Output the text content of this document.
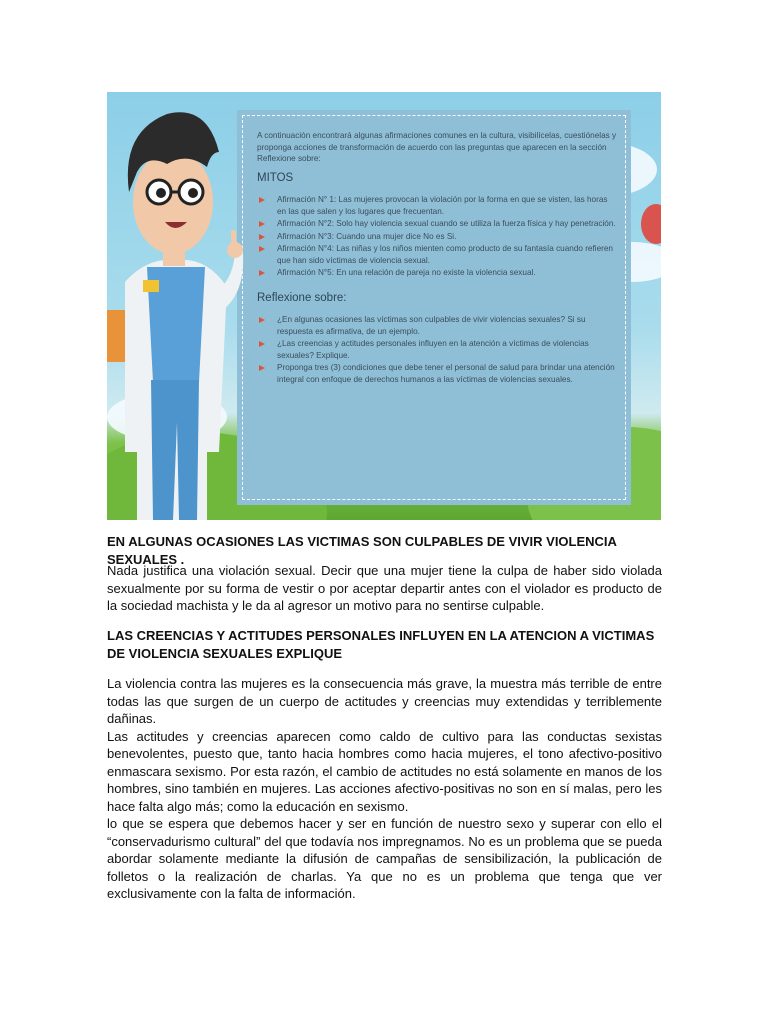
A continuación encontrará algunas afirmaciones comunes en la cultura, visibilícelas, cuestiónelas y proponga acciones de transformación de acuerdo con las preguntas que aparecen en la sección Reflexione sobre:

MITOS
Afirmación N° 1: Las mujeres provocan la violación por la forma en que se visten, las horas en las que salen y los lugares que frecuentan.
Afirmación N°2: Solo hay violencia sexual cuando se utiliza la fuerza física y hay penetración.
Afirmación N°3: Cuando una mujer dice No es Si.
Afirmación N°4: Las niñas y los niños mienten como producto de su fantasía cuando refieren que han sido víctimas de violencia sexual.
Afirmación N°5: En una relación de pareja no existe la violencia sexual.
Reflexione sobre:
¿En algunas ocasiones las víctimas son culpables de vivir violencias sexuales? Si su respuesta es afirmativa, de un ejemplo.
¿Las creencias y actitudes personales influyen en la atención a víctimas de violencias sexuales? Explique.
Proponga tres (3) condiciones que debe tener el personal de salud para brindar una atención integral con enfoque de derechos humanos a las víctimas de violencias sexuales.
EN ALGUNAS OCASIONES LAS VICTIMAS SON CULPABLES DE VIVIR VIOLENCIA SEXUALES .
Nada justifica una violación sexual. Decir que una mujer tiene la culpa de haber sido violada sexualmente por su forma de vestir o por aceptar departir antes con el violador es producto de la sociedad machista y le da al agresor un motivo para no sentirse culpable.
LAS CREENCIAS Y ACTITUDES PERSONALES INFLUYEN EN LA ATENCION A VICTIMAS DE VIOLENCIA SEXUALES EXPLIQUE

La violencia contra las mujeres es la consecuencia más grave, la muestra más terrible de entre todas las que surgen de un cuerpo de actitudes y creencias muy extendidas y terriblemente dañinas.

Las actitudes y creencias aparecen como caldo de cultivo para las conductas sexistas benevolentes, puesto que, tanto hacia hombres como hacia mujeres, el tono afectivo-positivo enmascara sexismo. Por esta razón, el cambio de actitudes no está solamente en manos de los hombres, sino también en mujeres. Las acciones afectivo-positivas no son en sí malas, pero les hace falta algo más; como la educación en sexismo.

lo que se espera que debemos hacer y ser en función de nuestro sexo y superar con ello el “conservadurismo cultural” del que todavía nos impregnamos. No es un problema que se pueda abordar solamente mediante la difusión de campañas de sensibilización, la publicación de folletos o la realización de charlas. Ya que no es un problema que tenga que ver exclusivamente con la falta de información.
